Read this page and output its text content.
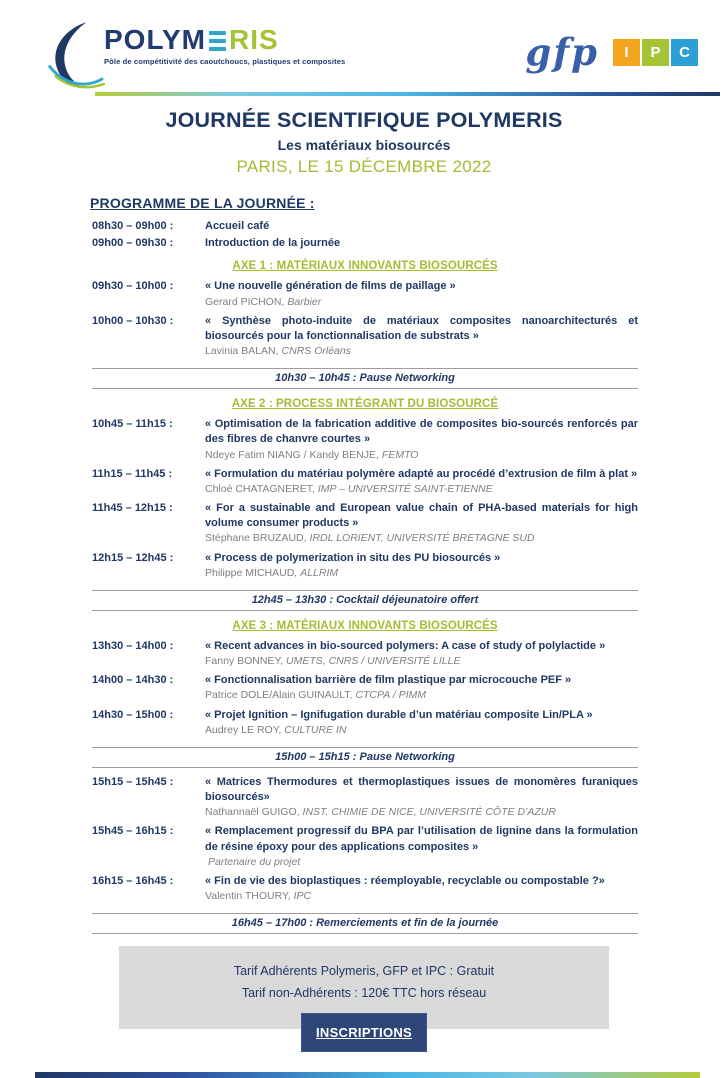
POLYM RIS
Pôle de compétitivité des caoutchoucs, plastiques et composites	gfp	I	P	C
JOURNÉE SCIENTIFIQUE POLYMERIS
Les matériaux biosourcés
PARIS, LE 15 DÉCEMBRE 2022
PROGRAMME DE LA JOURNÉE :
08h30 – 09h00 :	Accueil café
09h00 – 09h30 :	Introduction de la journée
AXE 1 : MATÉRIAUX INNOVANTS BIOSOURCÉS
09h30 – 10h00 :	« Une nouvelle génération de films de paillage »
Gerard PICHON, Barbier
10h00 – 10h30 :	« Synthèse photo-induite de matériaux composites nanoarchitecturés et biosourcés pour la fonctionnalisation de substrats »
Lavinia BALAN, CNRS Orléans
10h30 – 10h45 : Pause Networking
AXE 2 : PROCESS INTÉGRANT DU BIOSOURCÉ
10h45 – 11h15 :	« Optimisation de la fabrication additive de composites bio-sourcés renforcés par des fibres de chanvre courtes »
Ndeye Fatim NIANG / Kandy BENJE, FEMTO
11h15 – 11h45 :	« Formulation du matériau polymère adapté au procédé d’extrusion de film à plat »
Chloé CHATAGNERET, IMP – UNIVERSITÉ SAINT-ETIENNE
11h45 – 12h15 :	« For a sustainable and European value chain of PHA-based materials for high volume consumer products »
Stéphane BRUZAUD, IRDL LORIENT, UNIVERSITÉ BRETAGNE SUD
12h15 – 12h45 :	« Process de polymerization in situ des PU biosourcés »
Philippe MICHAUD, ALLRIM
12h45 – 13h30 : Cocktail déjeunatoire offert
AXE 3 : MATÉRIAUX INNOVANTS BIOSOURCÉS
13h30 – 14h00 :	« Recent advances in bio-sourced polymers: A case of study of polylactide »
Fanny BONNEY, UMETS, CNRS / UNIVERSITÉ LILLE
14h00 – 14h30 :	« Fonctionnalisation barrière de film plastique par microcouche PEF »
Patrice DOLE/Alain GUINAULT, CTCPA / PIMM
14h30 – 15h00 :	« Projet Ignition – Ignifugation durable d’un matériau composite Lin/PLA »
Audrey LE ROY, CULTURE IN
15h00 – 15h15 : Pause Networking
15h15 – 15h45 :	« Matrices Thermodures et thermoplastiques issues de monomères furaniques biosourcés»
Nathannaël GUIGO, INST. CHIMIE DE NICE, UNIVERSITÉ CÔTE D’AZUR
15h45 – 16h15 :	« Remplacement progressif du BPA par l’utilisation de lignine dans la formulation de résine époxy pour des applications composites »
Partenaire du projet
16h15 – 16h45 :	« Fin de vie des bioplastiques : réemployable, recyclable ou compostable ?»
Valentin THOURY, IPC
16h45 – 17h00 : Remerciements et fin de la journée
Tarif Adhérents Polymeris, GFP et IPC : Gratuit
Tarif non-Adhérents : 120€ TTC hors réseau
INSCRIPTIONS
